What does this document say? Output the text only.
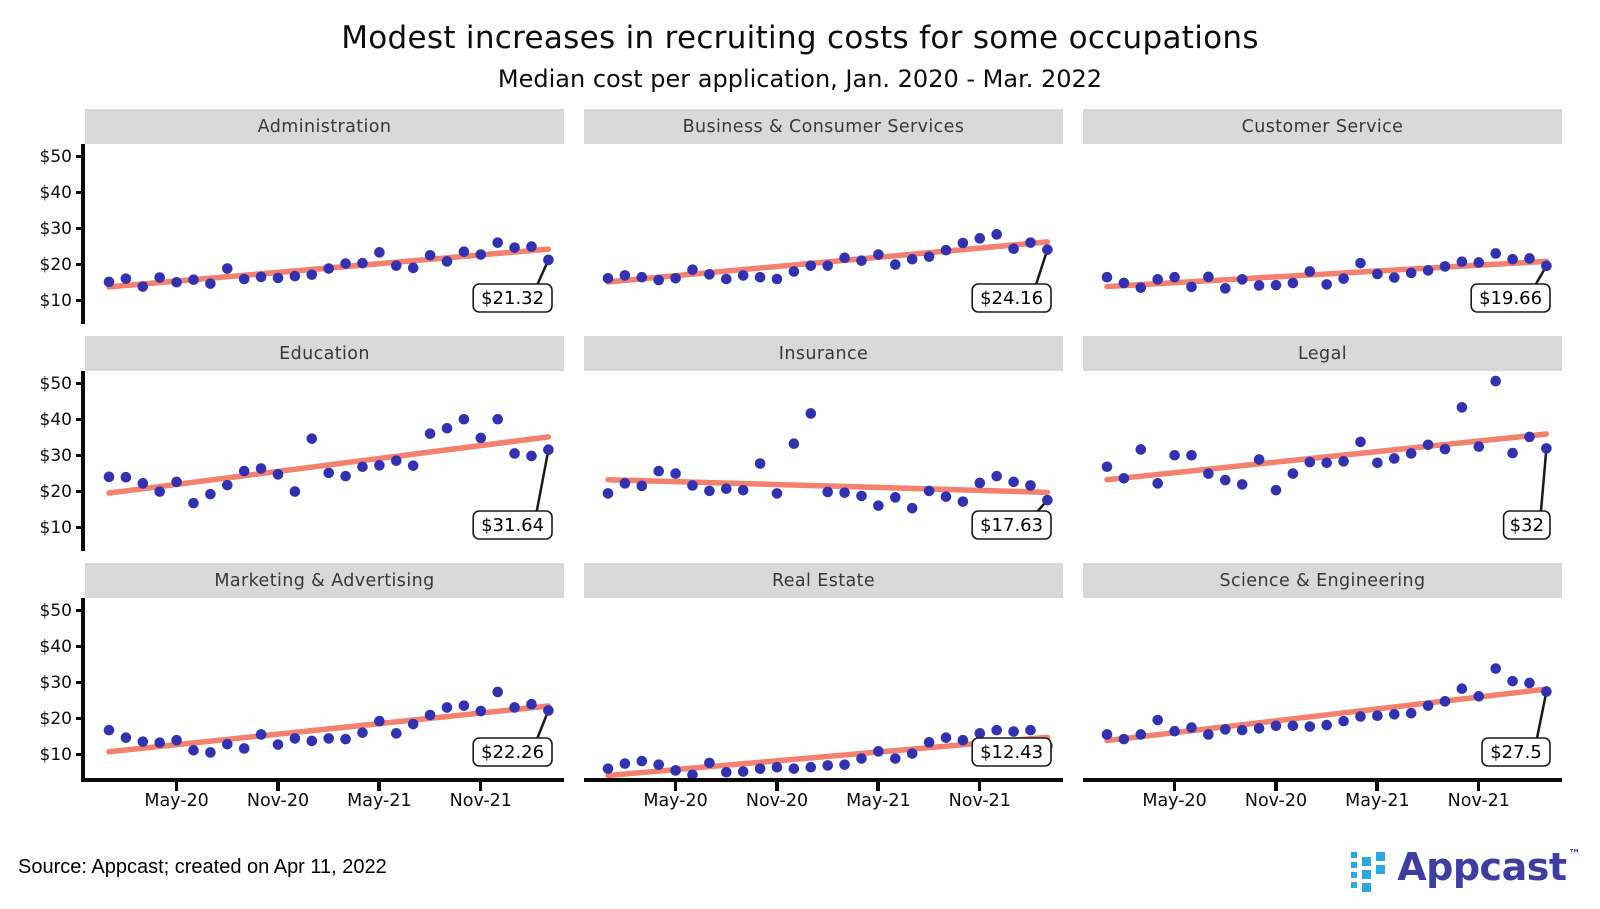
Modest increases in recruiting costs for some occupations
Median cost per application, Jan. 2020 - Mar. 2022
$50
$40
$30
$20
$10
Administration
$21.32
Business & Consumer Services
$24.16
Customer Service
$19.66
$50
$40
$30
$20
$10
Education
$31.64
Insurance
$17.63
Legal
$32
$50
$40
$30
$20
$10
Marketing & Advertising
$22.26
May-20 Nov-20 May-21 Nov-21
Real Estate
$12.43
May-20 Nov-20 May-21 Nov-21
Science & Engineering
$27.5
May-20 Nov-20 May-21 Nov-21
Source: Appcast; created on Apr 11, 2022	Appcast ™
